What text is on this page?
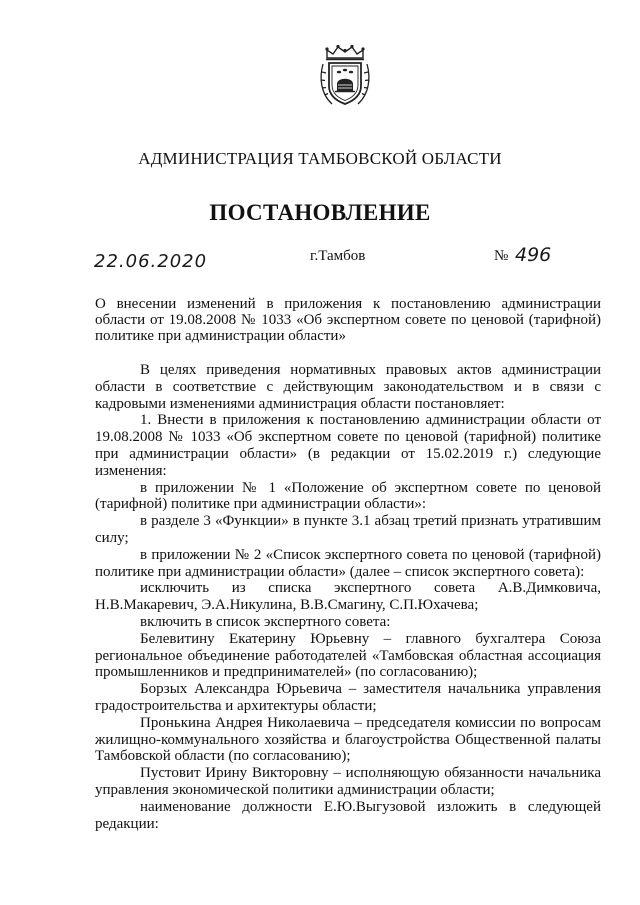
АДМИНИСТРАЦИЯ ТАМБОВСКОЙ ОБЛАСТИ
ПОСТАНОВЛЕНИЕ
22.06.2020	г.Тамбов	№ 496
О внесении изменений в приложения к постановлению администрации области от 19.08.2008 № 1033 «Об экспертном совете по ценовой (тарифной) политике при администрации области»

В целях приведения нормативных правовых актов администрации области в соответствие с действующим законодательством и в связи с кадровыми изменениями администрация области постановляет:

1. Внести в приложения к постановлению администрации области от 19.08.2008 № 1033 «Об экспертном совете по ценовой (тарифной) политике при администрации области» (в редакции от 15.02.2019 г.) следующие изменения:

в приложении № 1 «Положение об экспертном совете по ценовой (тарифной) политике при администрации области»:

в разделе 3 «Функции» в пункте 3.1 абзац третий признать утратившим силу;

в приложении № 2 «Список экспертного совета по ценовой (тарифной) политике при администрации области» (далее – список экспертного совета):

исключить из списка экспертного совета А.В.Димковича, Н.В.Макаревич, Э.А.Никулина, В.В.Смагину, С.П.Юхачева;

включить в список экспертного совета:

Белевитину Екатерину Юрьевну – главного бухгалтера Союза региональное объединение работодателей «Тамбовская областная ассоциация промышленников и предпринимателей» (по согласованию);

Борзых Александра Юрьевича – заместителя начальника управления градостроительства и архитектуры области;

Пронькина Андрея Николаевича – председателя комиссии по вопросам жилищно-коммунального хозяйства и благоустройства Общественной палаты Тамбовской области (по согласованию);

Пустовит Ирину Викторовну – исполняющую обязанности начальника управления экономической политики администрации области;

наименование должности Е.Ю.Выгузовой изложить в следующей редакции:
